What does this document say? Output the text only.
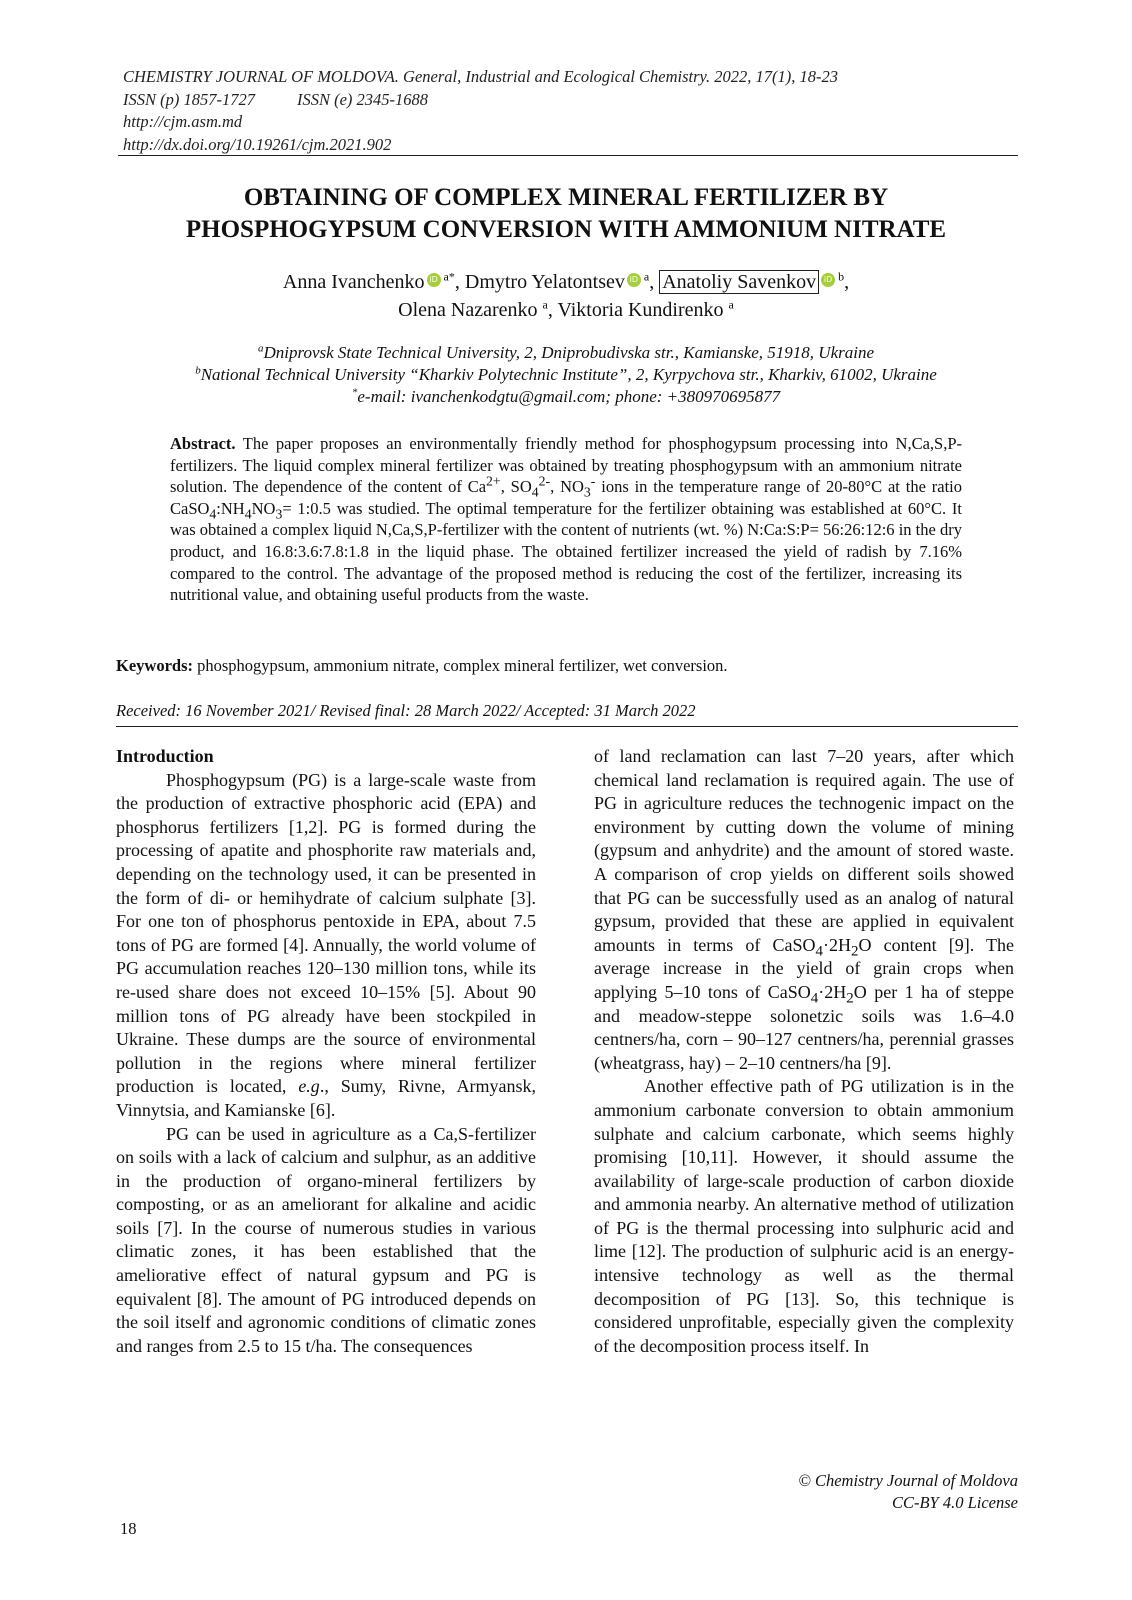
CHEMISTRY JOURNAL OF MOLDOVA. General, Industrial and Ecological Chemistry. 2022, 17(1), 18-23
ISSN (p) 1857-1727	ISSN (e) 2345-1688
http://cjm.asm.md
http://dx.doi.org/10.19261/cjm.2021.902
OBTAINING OF COMPLEX MINERAL FERTILIZER BY
PHOSPHOGYPSUM CONVERSION WITH AMMONIUM NITRATE
Anna Ivanchenko iD $^{a*}$, Dmytro Yelatontsev iD $^a$, Anatoliy Savenkov iD $^b$,
Olena Nazarenko $^a$, Viktoria Kundirenko $^a$
$^a$Dniprovsk State Technical University, 2, Dniprobudivska str., Kamianske, 51918, Ukraine
$^b$National Technical University “Kharkiv Polytechnic Institute”, 2, Kyrpychova str., Kharkiv, 61002, Ukraine
*e-mail: ivanchenkodgtu@gmail.com; phone: +380970695877
Abstract. The paper proposes an environmentally friendly method for phosphogypsum processing into N,Ca,S,P-fertilizers. The liquid complex mineral fertilizer was obtained by treating phosphogypsum with an ammonium nitrate solution. The dependence of the content of $Ca^{2+}$, $SO_4^{2-}$, $NO_3^-$ ions in the temperature range of 20-80°C at the ratio $CaSO_4:NH_4NO_3=$ 1:0.5 was studied. The optimal temperature for the fertilizer obtaining was established at 60°C. It was obtained a complex liquid N,Ca,S,P-fertilizer with the content of nutrients (wt. %) N:Ca:S:P= 56:26:12:6 in the dry product, and 16.8:3.6:7.8:1.8 in the liquid phase. The obtained fertilizer increased the yield of radish by 7.16% compared to the control. The advantage of the proposed method is reducing the cost of the fertilizer, increasing its nutritional value, and obtaining useful products from the waste.
Keywords: phosphogypsum, ammonium nitrate, complex mineral fertilizer, wet conversion.
Received: 16 November 2021/ Revised final: 28 March 2022/ Accepted: 31 March 2022

Introduction

Phosphogypsum (PG) is a large-scale waste from the production of extractive phosphoric acid (EPA) and phosphorus fertilizers [1,2]. PG is formed during the processing of apatite and phosphorite raw materials and, depending on the technology used, it can be presented in the form of di- or hemihydrate of calcium sulphate [3]. For one ton of phosphorus pentoxide in EPA, about 7.5 tons of PG are formed [4]. Annually, the world volume of PG accumulation reaches 120–130 million tons, while its re-used share does not exceed 10–15% [5]. About 90 million tons of PG already have been stockpiled in Ukraine. These dumps are the source of environmental pollution in the regions where mineral fertilizer production is located, e.g., Sumy, Rivne, Armyansk, Vinnytsia, and Kamianske [6].

PG can be used in agriculture as a Ca,S-fertilizer on soils with a lack of calcium and sulphur, as an additive in the production of organo-mineral fertilizers by composting, or as an ameliorant for alkaline and acidic soils [7]. In the course of numerous studies in various climatic zones, it has been established that the ameliorative effect of natural gypsum and PG is equivalent [8]. The amount of PG introduced depends on the soil itself and agronomic conditions of climatic zones and ranges from 2.5 to 15 t/ha. The consequences

of land reclamation can last 7–20 years, after which chemical land reclamation is required again. The use of PG in agriculture reduces the technogenic impact on the environment by cutting down the volume of mining (gypsum and anhydrite) and the amount of stored waste. A comparison of crop yields on different soils showed that PG can be successfully used as an analog of natural gypsum, provided that these are applied in equivalent amounts in terms of $CaSO_4\cdot 2H_2O$ content [9]. The average increase in the yield of grain crops when applying 5–10 tons of $CaSO_4\cdot 2H_2O$ per 1 ha of steppe and meadow-steppe solonetzic soils was 1.6–4.0 centners/ha, corn – 90–127 centners/ha, perennial grasses (wheatgrass, hay) – 2–10 centners/ha [9].

Another effective path of PG utilization is in the ammonium carbonate conversion to obtain ammonium sulphate and calcium carbonate, which seems highly promising [10,11]. However, it should assume the availability of large-scale production of carbon dioxide and ammonia nearby. An alternative method of utilization of PG is the thermal processing into sulphuric acid and lime [12]. The production of sulphuric acid is an energy-intensive technology as well as the thermal decomposition of PG [13]. So, this technique is considered unprofitable, especially given the complexity of the decomposition process itself. In

© Chemistry Journal of Moldova
CC-BY 4.0 License
18
